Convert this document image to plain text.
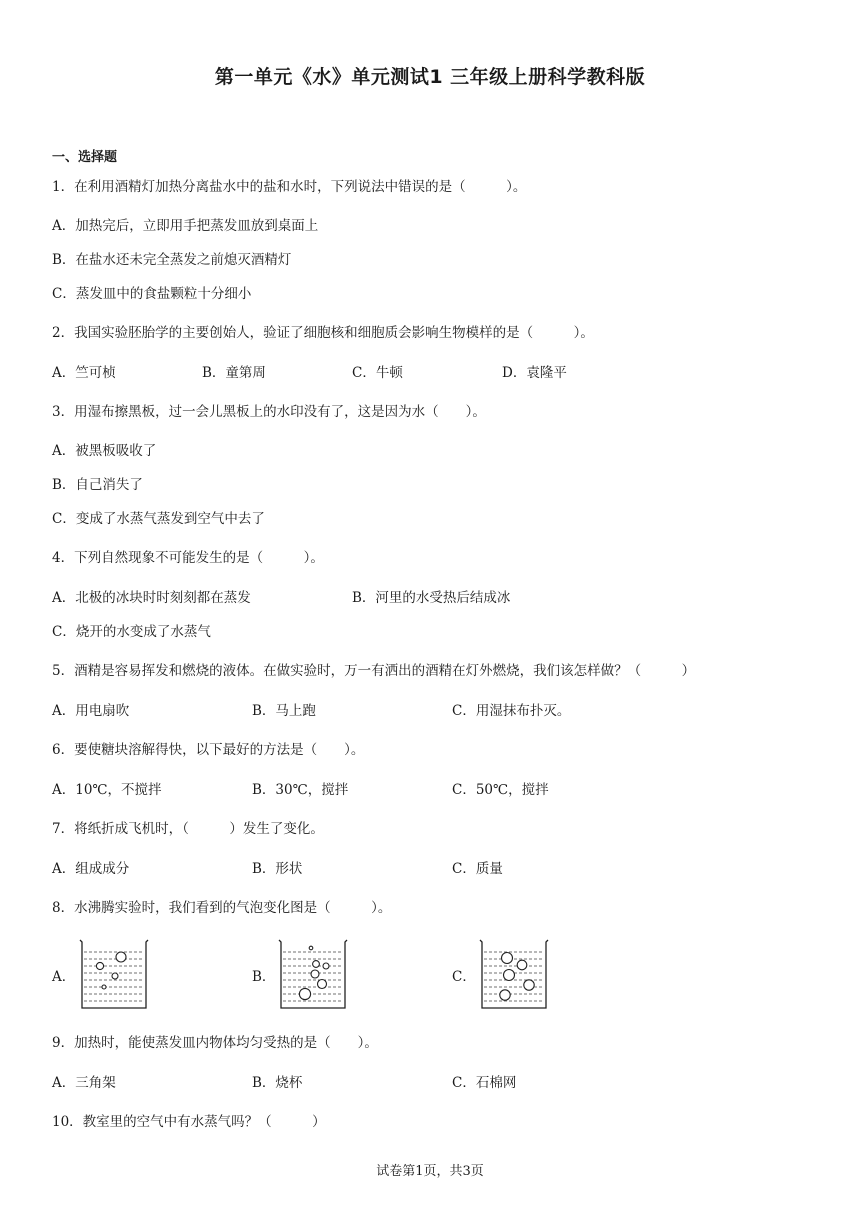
第一单元《水》单元测试1 三年级上册科学教科版
一、选择题
1．在利用酒精灯加热分离盐水中的盐和水时，下列说法中错误的是（　　　）。
A．加热完后，立即用手把蒸发皿放到桌面上
B．在盐水还未完全蒸发之前熄灭酒精灯
C．蒸发皿中的食盐颗粒十分细小
2．我国实验胚胎学的主要创始人，验证了细胞核和细胞质会影响生物模样的是（　　　）。
A．竺可桢	B．童第周	C．牛顿	D．袁隆平
3．用湿布擦黑板，过一会儿黑板上的水印没有了，这是因为水（　　）。
A．被黑板吸收了
B．自己消失了
C．变成了水蒸气蒸发到空气中去了
4．下列自然现象不可能发生的是（　　　）。
A．北极的冰块时时刻刻都在蒸发	B．河里的水受热后结成冰
C．烧开的水变成了水蒸气
5．酒精是容易挥发和燃烧的液体。在做实验时，万一有洒出的酒精在灯外燃烧，我们该怎样做？（　　　）
A．用电扇吹	B．马上跑	C．用湿抹布扑灭。
6．要使糖块溶解得快，以下最好的方法是（　　）。
A．10℃，不搅拌	B．30℃，搅拌	C．50℃，搅拌
7．将纸折成飞机时，（　　　）发生了变化。
A．组成成分	B．形状	C．质量
8．水沸腾实验时，我们看到的气泡变化图是（　　　）。
A．	B．	C．
9．加热时，能使蒸发皿内物体均匀受热的是（　　）。
A．三角架	B．烧杯	C．石棉网
10．教室里的空气中有水蒸气吗？（　　　）
试卷第1页，共3页
